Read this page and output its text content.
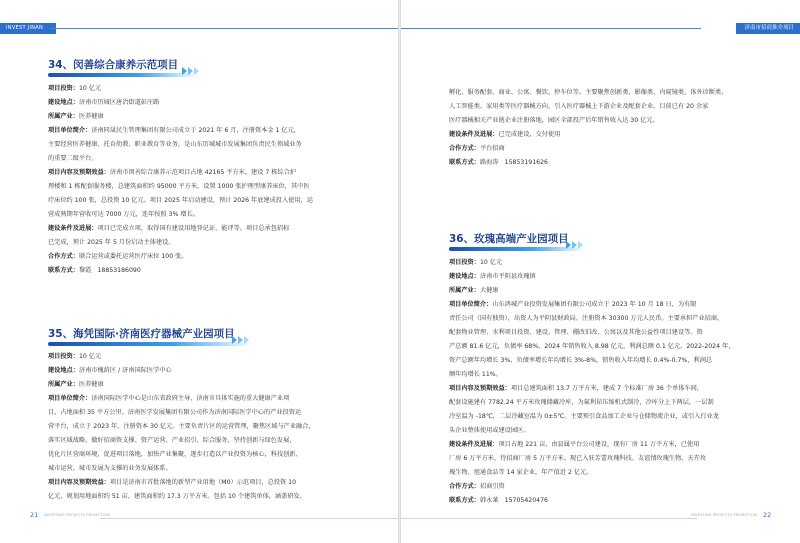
INVEST JINAN
34、闵善综合康养示范项目
项目投资：10 亿元
建设地点：济南市历城区唐冶街道彭庄路
所属产业：医养健康
项目单位简介：济南同晟民生管理集团有限公司成立于 2021 年 6 月，注册资本金 1 亿元，
主要经营医养健康、托育幼教、职业教育等业务，是山东历城城市发展集团负责民生领域业务
的重要二级平台。
项目内容及预期效益：济南市闵善综合康养示范项目占地 42165 平方米，建设 7 栋综合护
理楼和 1 栋配套服务楼，总建筑面积约 95000 平方米，设置 1000 张护理型康养床位，其中医
疗床位约 100 张，总投资 10 亿元。项目 2025 年启动建设，预计 2026 年底建成投入使用，运
营成熟期年营收可达 7000 万元，连年按照 3% 增长。
建设条件及进展：项目已完成立项，取得国有建设用地登记证、能评等。项目总承包招标
已完成，预计 2025 年 5 月份启动主体建设。
合作方式：联合运营或委托运营医疗床位 100 张。
联系方式：黎霞　18853186090
35、海凭国际·济南医疗器械产业园项目
项目投资：10 亿元
建设地点：济南市槐荫区 / 济南国际医学中心
所属产业：医养健康
项目单位简介：济南国际医学中心是山东省政府主导、济南市具体实施的重大健康产业项
目，占地面积 35 平方公里。济南医学发展集团有限公司作为济南国际医学中心的产业投资运
营平台，成立于 2023 年，注册资本 30 亿元。主要负责片区的运营管理，聚焦区域与产业融合，
落实区域战略，做好招商资支撑、资产运营、产业招引、综合服务，坚持创新与绿色发展，
优化片区营商环境，促进项目落地，加快产业集聚，逐步打造以产业投资为核心，科技创新、
城市运营，城市发展为支撑的业务发展体系。
项目内容及预期效益：项目是济南市首批落地的新型产业用地（M0）示范项目，总投资 10
亿元，规划用地面积约 51 亩，建筑面积约 17.3 万平方米。包括 10 个建筑单体，涵盖研发、
21 INVESTING PROJECTS PROMOTION
济南市招商推介项目
INVESTING PROJECTS PROMOTION 22
孵化、服务配套、商业、公寓、餐饮、停车位等。主要聚焦创新类、影像类、内窥镜类、体外诊断类、
人工智能类、家用类等医疗器械方向，引入医疗器械上下游企业及配套企业。目前已有 20 余家
医疗器械相关产业链企业注册落地，园区全部投产后年销售收入达 30 亿元。
建设条件及进展：已完成建设，交付使用
合作方式：平台招商
联系方式：路海涛　15853191626
36、玫瑰高端产业园项目
项目投资：10 亿元
建设地点：济南市平阴县玫瑰镇
所属产业：大健康
项目单位简介：山东鸿城产业投资发展集团有限公司成立于 2023 年 10 月 18 日，为有限
责任公司（国有独资），出资人为平阴县财政局，注册资本 30300 万元人民币。主要承担产业招商、
配套物业管理、水利项目投资、建设、管理、棚改旧改、公寓以及其他公益性项目建设等。资
产总额 81.6 亿元，负债率 68%，2024 年销售收入 8.98 亿元，利润总额 0.1 亿元。2022-2024 年，
资产总额年均增长 3%、负债率增长年均增长 3%-8%，销售收入年均增长 0.4%-0.7%，利润总
额年均增长 11%。
项目内容及预期效益：项目总建筑面积 13.7 万平方米，建成 7 个标准厂房 36 个单体车间，
配套设施建有 7782.24 平方米玫瑰储藏冷库，为氟利昂压缩机式制冷，冷库分上下两层，一层制
冷室温为 -18℃，二层冷藏室温为 0±5℃。主要预引食品加工企业与仓储物流企业，或引入行业龙
头企业整体使用或建设园区。
建设条件及进展：项目占地 221 亩，由县属平台公司建设，现有厂房 11 万平方米，已使用
厂房 6 万平方米，待招商厂房 5 万平方米。现已入驻芳蕾玫瑰科技、友谊情玫瑰生物、天卉玫
瑰生物、旭通食品等 14 家企业，年产值近 2 亿元。
合作方式：招商引资
联系方式：韩永莱　15705420476
